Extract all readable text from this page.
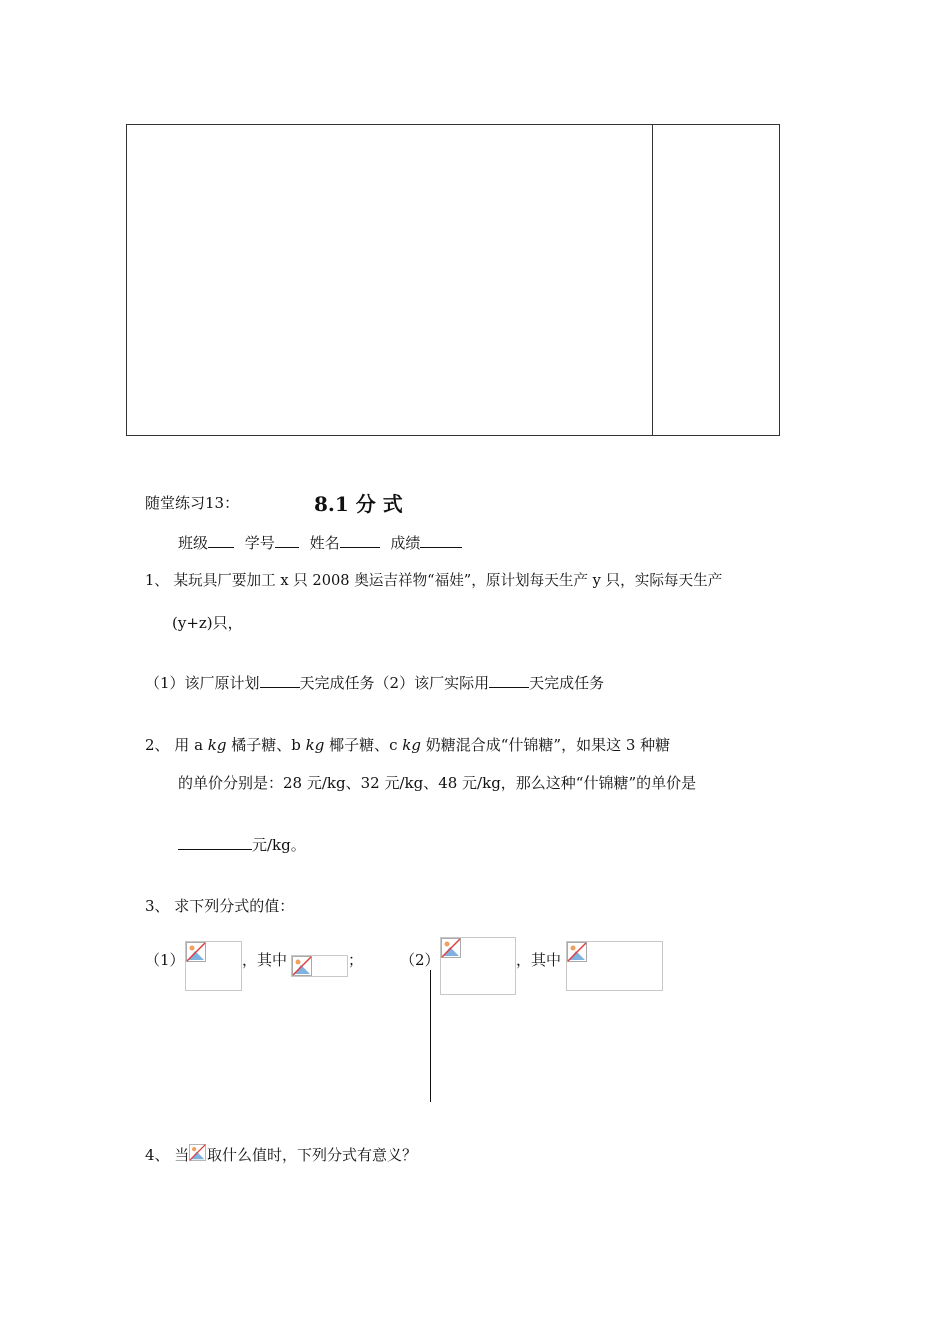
随堂练习13：	8.1 分 式
班级 学号 姓名	成绩
1、 某玩具厂要加工 x 只 2008 奥运吉祥物“福娃”，原计划每天生产 y 只，实际每天生产
(y+z)只，
（1）该厂原计划	天完成任务（2）该厂实际用	天完成任务
2、 用 a kg 橘子糖、b kg 椰子糖、c kg 奶糖混合成“什锦糖”，如果这 3 种糖
的单价分别是：28 元/kg、32 元/kg、48 元/kg，那么这种“什锦糖”的单价是
元/kg。
3、 求下列分式的值：
（1）	，其中	； （2）	，其中
4、 当 取什么值时，下列分式有意义？
